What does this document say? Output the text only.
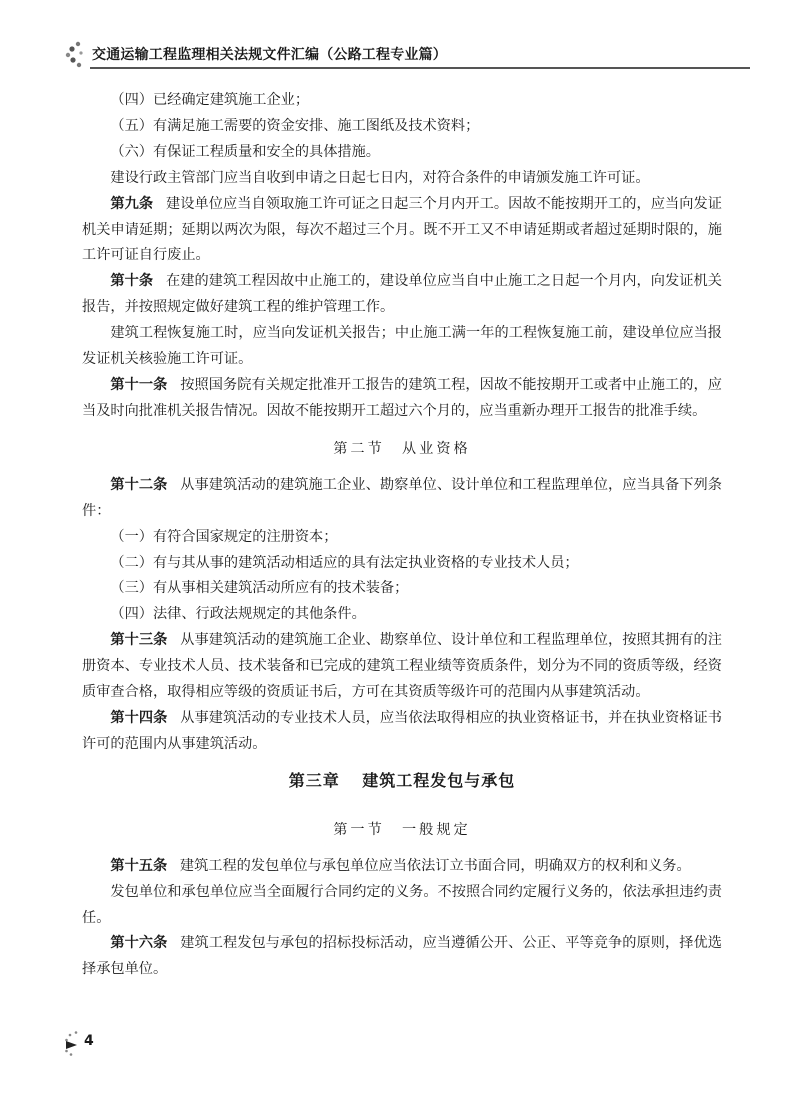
交通运输工程监理相关法规文件汇编（公路工程专业篇）

（四）已经确定建筑施工企业；

（五）有满足施工需要的资金安排、施工图纸及技术资料；

（六）有保证工程质量和安全的具体措施。

建设行政主管部门应当自收到申请之日起七日内，对符合条件的申请颁发施工许可证。

第九条 建设单位应当自领取施工许可证之日起三个月内开工。因故不能按期开工的，应当向发证机关申请延期；延期以两次为限，每次不超过三个月。既不开工又不申请延期或者超过延期时限的，施工许可证自行废止。

第十条 在建的建筑工程因故中止施工的，建设单位应当自中止施工之日起一个月内，向发证机关报告，并按照规定做好建筑工程的维护管理工作。

建筑工程恢复施工时，应当向发证机关报告；中止施工满一年的工程恢复施工前，建设单位应当报发证机关核验施工许可证。

第十一条 按照国务院有关规定批准开工报告的建筑工程，因故不能按期开工或者中止施工的，应当及时向批准机关报告情况。因故不能按期开工超过六个月的，应当重新办理开工报告的批准手续。

第二节　从业资格

第十二条 从事建筑活动的建筑施工企业、勘察单位、设计单位和工程监理单位，应当具备下列条件：

（一）有符合国家规定的注册资本；

（二）有与其从事的建筑活动相适应的具有法定执业资格的专业技术人员；

（三）有从事相关建筑活动所应有的技术装备；

（四）法律、行政法规规定的其他条件。

第十三条 从事建筑活动的建筑施工企业、勘察单位、设计单位和工程监理单位，按照其拥有的注册资本、专业技术人员、技术装备和已完成的建筑工程业绩等资质条件，划分为不同的资质等级，经资质审查合格，取得相应等级的资质证书后，方可在其资质等级许可的范围内从事建筑活动。

第十四条 从事建筑活动的专业技术人员，应当依法取得相应的执业资格证书，并在执业资格证书许可的范围内从事建筑活动。

第三章 建筑工程发包与承包
第一节　一般规定

第十五条 建筑工程的发包单位与承包单位应当依法订立书面合同，明确双方的权利和义务。

发包单位和承包单位应当全面履行合同约定的义务。不按照合同约定履行义务的，依法承担违约责任。

第十六条 建筑工程发包与承包的招标投标活动，应当遵循公开、公正、平等竞争的原则，择优选择承包单位。

4
